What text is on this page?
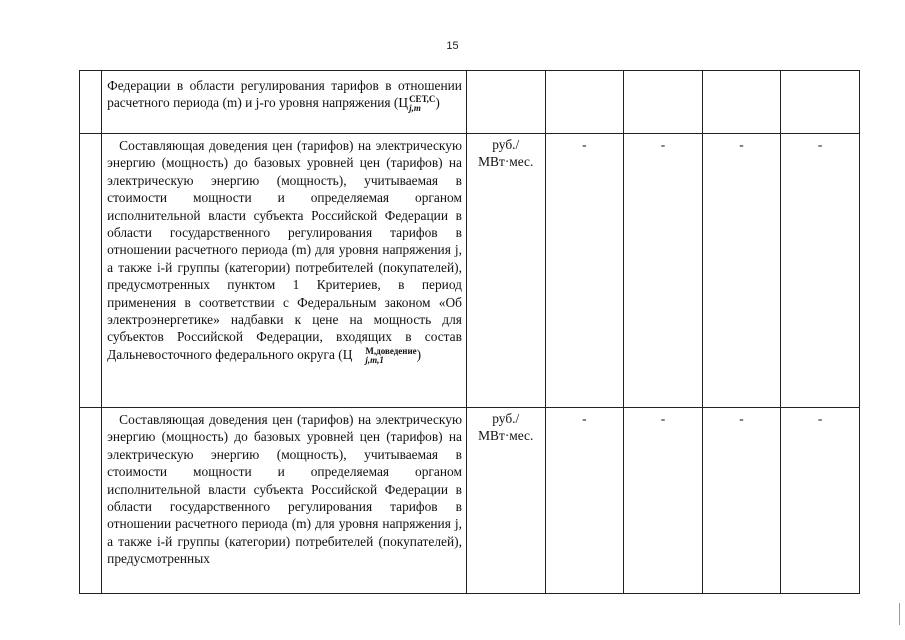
15

	Федерации в области регулирования тарифов в отношении расчетного периода (m) и j-го уровня напряжения (Ц СЕТ,С
j,m )					

	Составляющая доведения цен (тарифов) на электрическую энергию (мощность) до базовых уровней цен (тарифов) на электрическую энергию (мощность), учитываемая в стоимости мощности и определяемая органом исполнительной власти субъекта Российской Федерации в области государственного регулирования тарифов в отношении расчетного периода (m) для уровня напряжения j, а также i-й группы (категории) потребителей (покупателей), предусмотренных пунктом 1 Критериев, в период применения в соответствии с Федеральным законом «Об электроэнергетике» надбавки к цене на мощность для субъектов Российской Федерации, входящих в состав Дальневосточного федерального округа (Ц М,доведение
j,m,1 )	руб./ МВт·мес.	-	-	-	-

	Составляющая доведения цен (тарифов) на электрическую энергию (мощность) до базовых уровней цен (тарифов) на электрическую энергию (мощность), учитываемая в стоимости мощности и определяемая органом исполнительной власти субъекта Российской Федерации в области государственного регулирования тарифов в отношении расчетного периода (m) для уровня напряжения j, а также i-й группы (категории) потребителей (покупателей), предусмотренных	руб./ МВт·мес.	-	-	-	-
